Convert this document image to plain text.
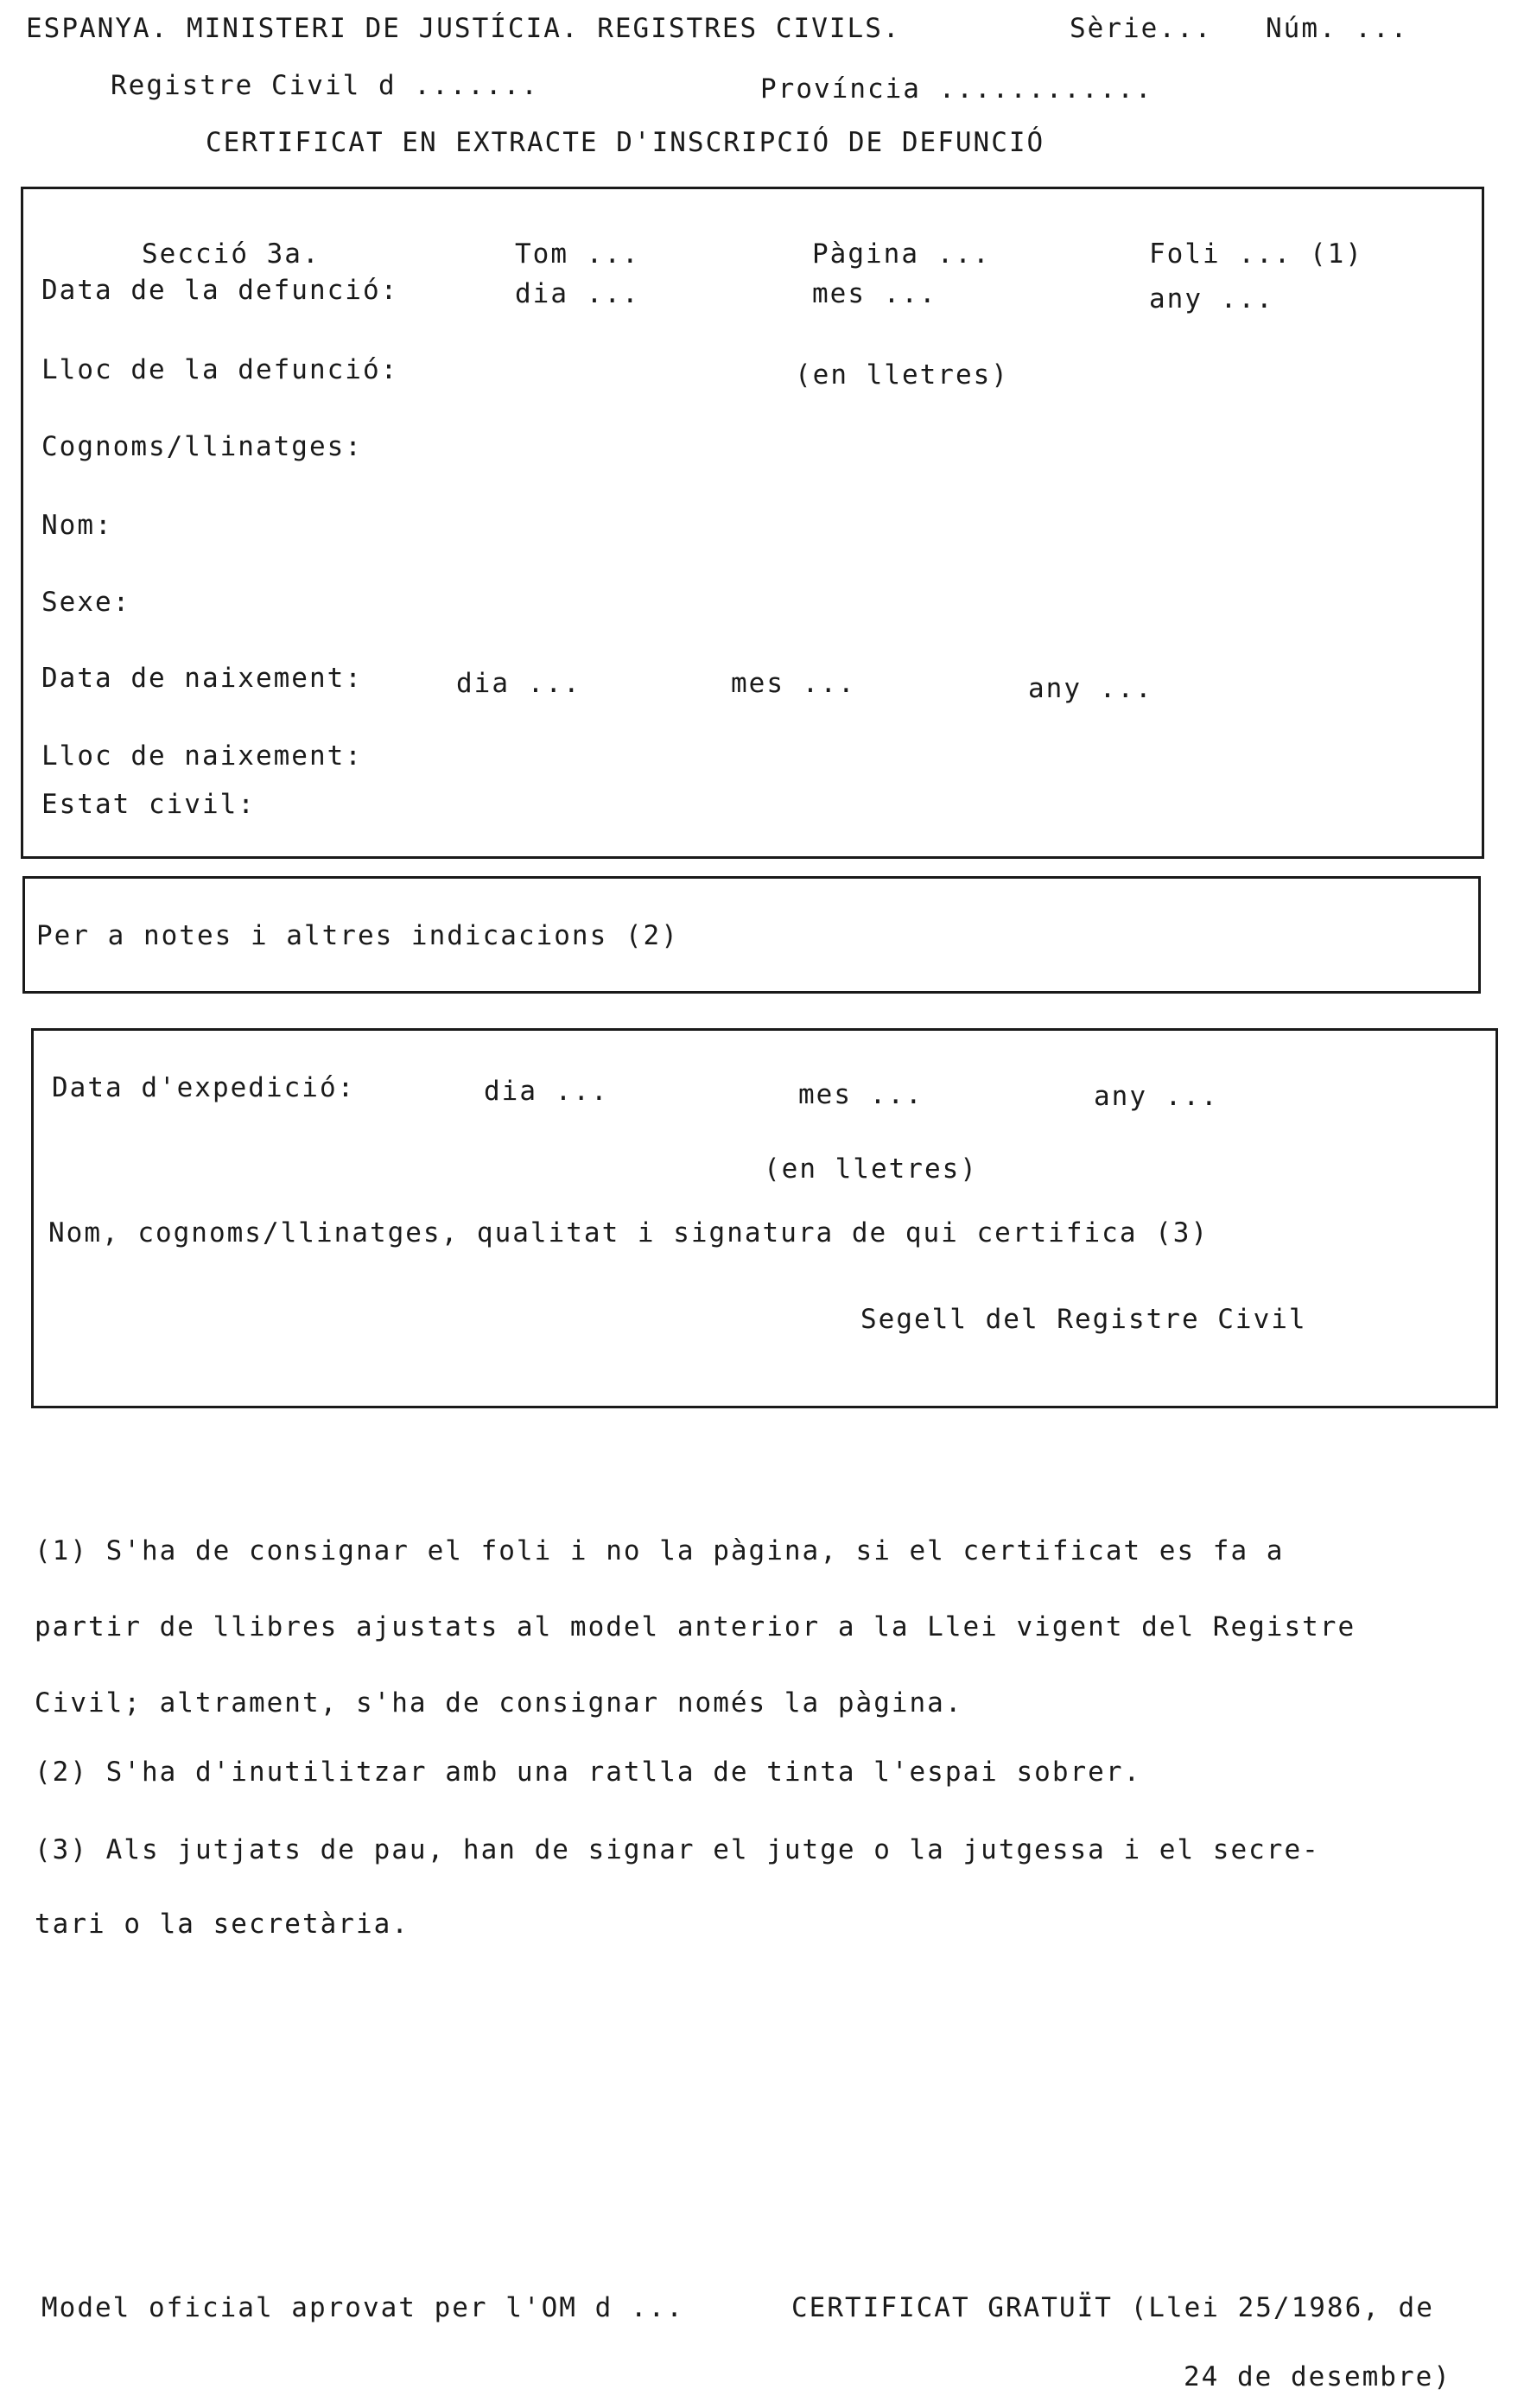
ESPANYA. MINISTERI DE JUSTÍCIA. REGISTRES CIVILS.	Sèrie... Núm. ...
Registre Civil d .......	Província ............
CERTIFICAT EN EXTRACTE D'INSCRIPCIÓ DE DEFUNCIÓ
Secció 3a.	Tom ...	Pàgina ...	Foli ... (1)
Data de la defunció:	dia ...	mes ...	any ...
Lloc de la defunció:	(en lletres)
Cognoms/llinatges:
Nom:
Sexe:
Data de naixement:	dia ...	mes ...	any ...
Lloc de naixement:
Estat civil:
Per a notes i altres indicacions (2)
Data d'expedició:	dia ...	mes ...	any ...
(en lletres)
Nom, cognoms/llinatges, qualitat i signatura de qui certifica (3)
Segell del Registre Civil
(1) S'ha de consignar el foli i no la pàgina, si el certificat es fa a
partir de llibres ajustats al model anterior a la Llei vigent del Registre
Civil; altrament, s'ha de consignar només la pàgina.
(2) S'ha d'inutilitzar amb una ratlla de tinta l'espai sobrer.
(3) Als jutjats de pau, han de signar el jutge o la jutgessa i el secre-
tari o la secretària.
Model oficial aprovat per l'OM d ...	CERTIFICAT GRATUÏT (Llei 25/1986, de
24 de desembre)
